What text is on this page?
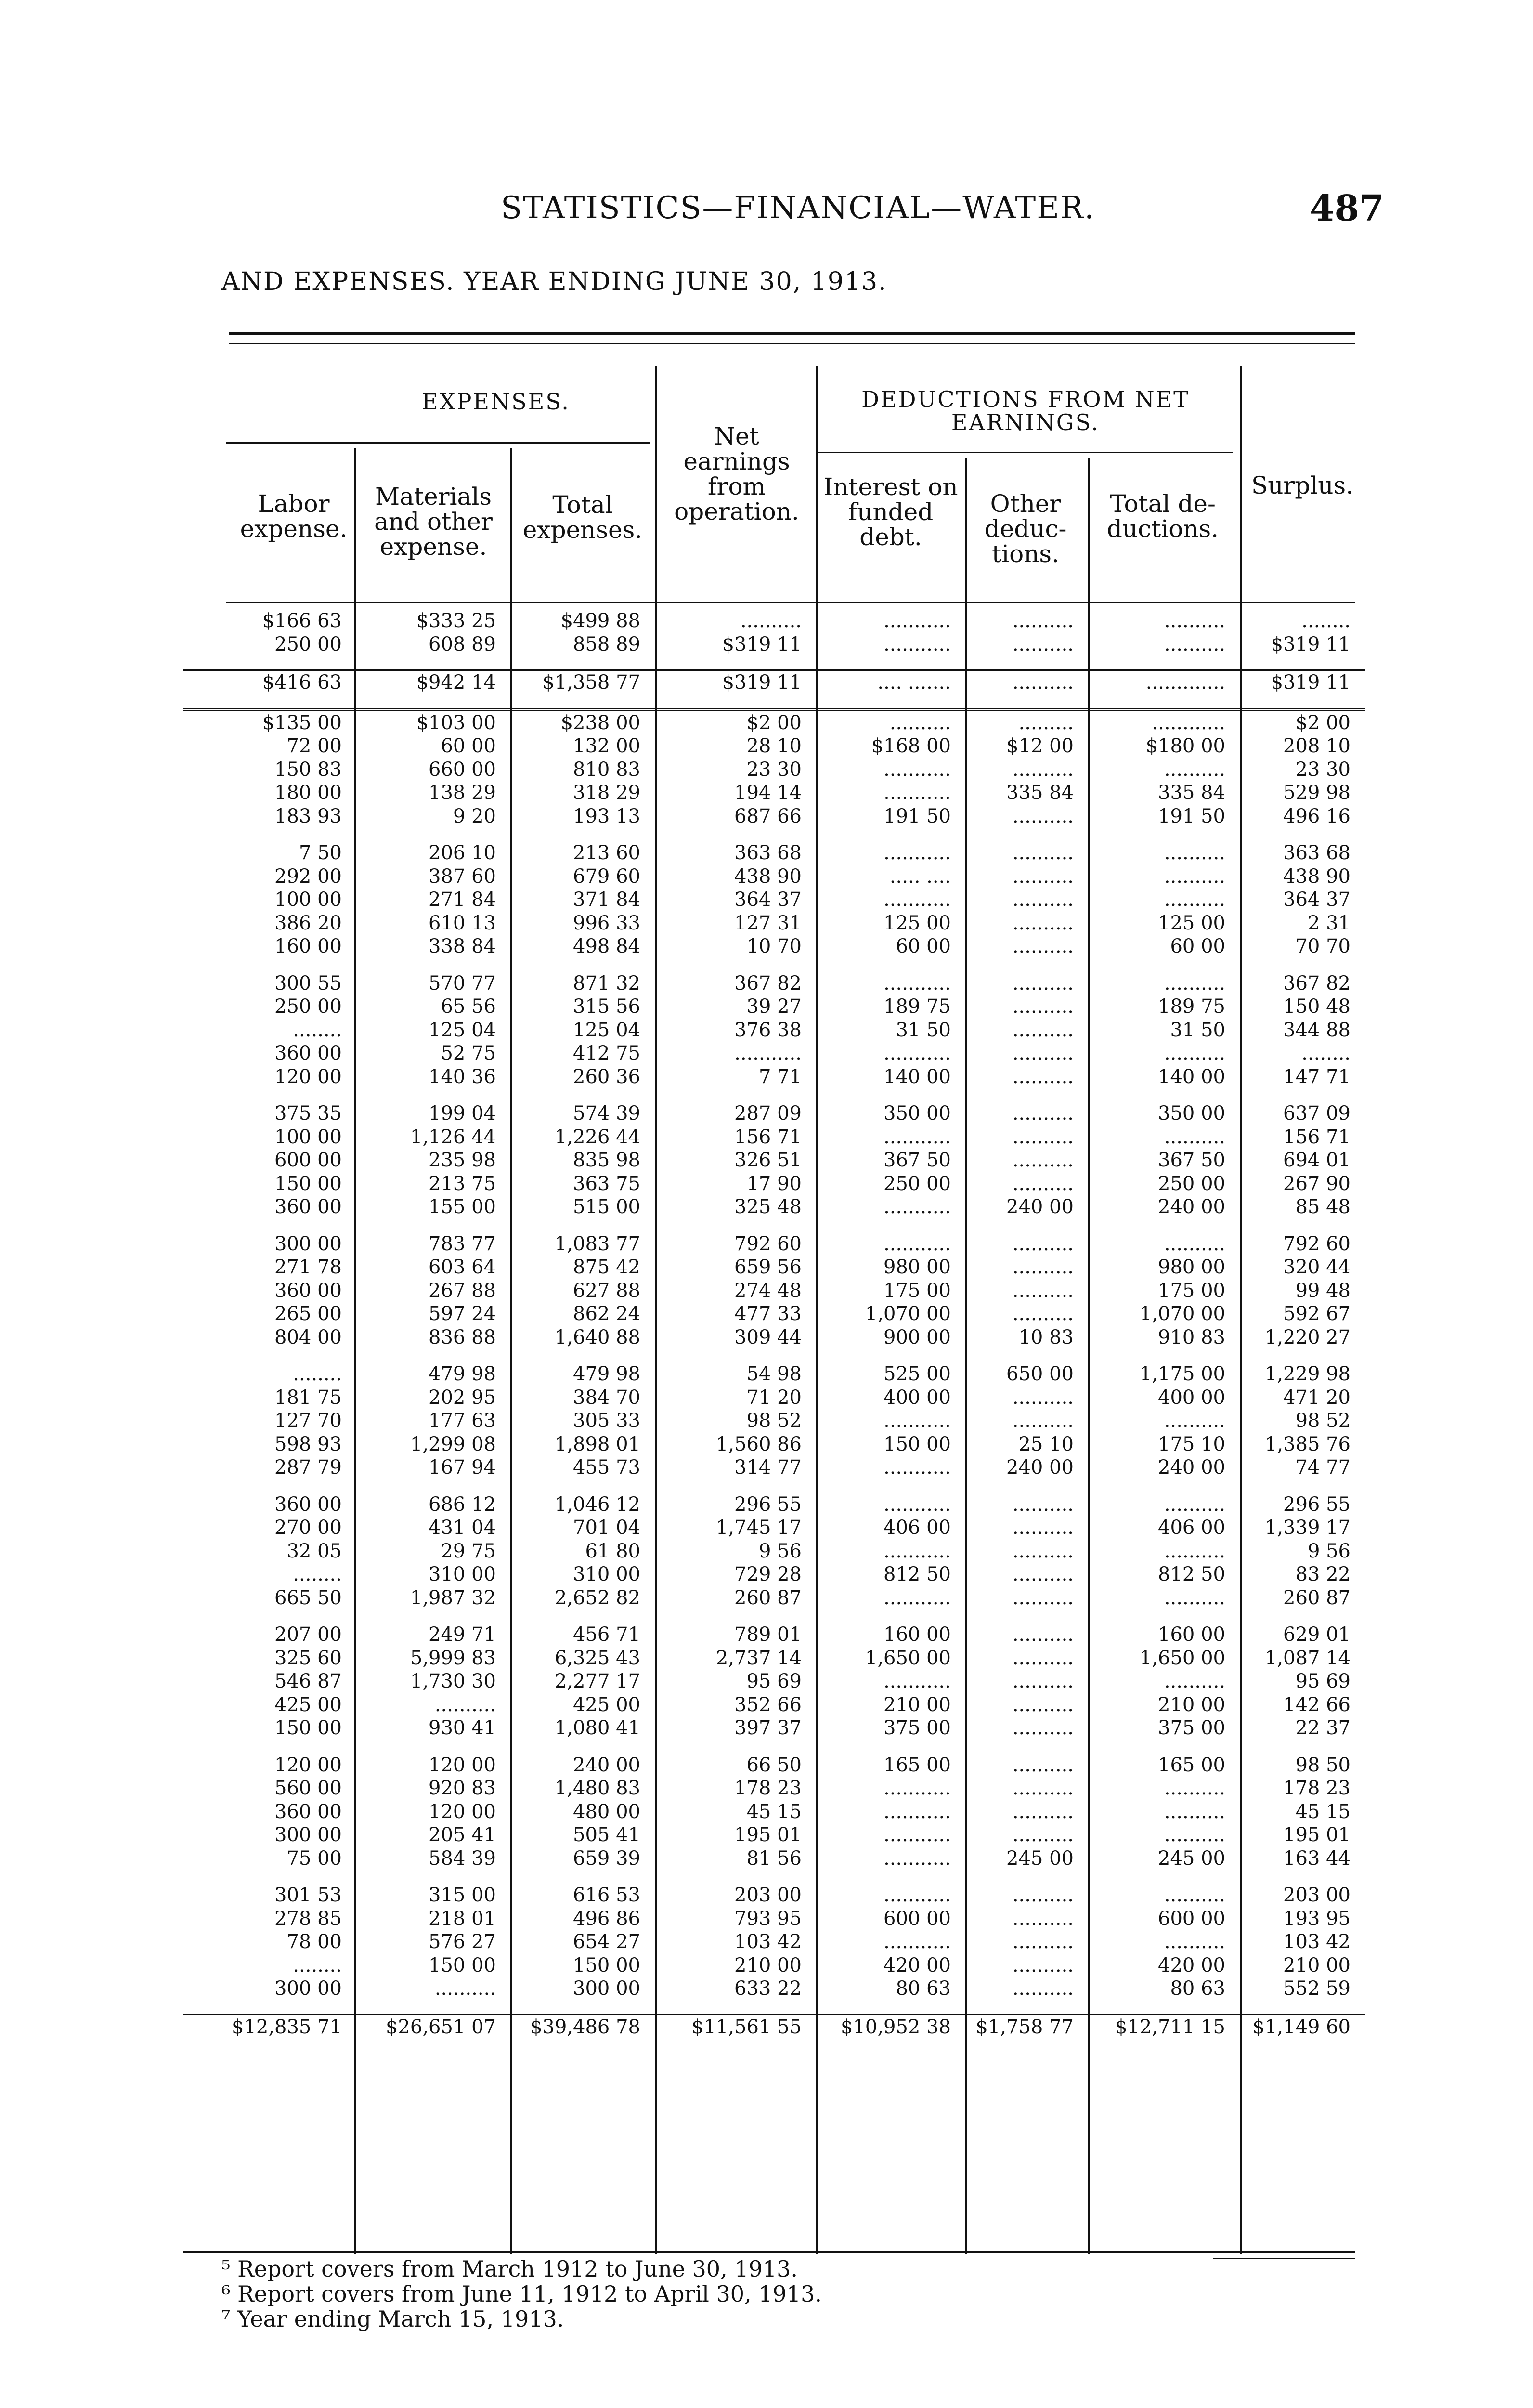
STATISTICS—FINANCIAL—WATER.	487
AND EXPENSES. YEAR ENDING JUNE 30, 1913.
EXPENSES.	DEDUCTIONS FROM NET EARNINGS.
Labor expense.
Materials and other expense.
Total expenses.
Net earnings from operation.
Interest on funded debt.
Other deduc-tions.
Total de-ductions.
Surplus.
$166 63	$333 25	$499 88	..........	...........	..........	..........	........
250 00	608 89	858 89	$319 11	...........	..........	..........	$319 11

$416 63	$942 14	$1,358 77	$319 11	.... .......	..........	.............	$319 11

$135 00	$103 00	$238 00	$2 00	..........	.........	............	$2 00
72 00	60 00	132 00	28 10	$168 00	$12 00	$180 00	208 10
150 83	660 00	810 83	23 30	...........	..........	..........	23 30
180 00	138 29	318 29	194 14	...........	335 84	335 84	529 98
183 93	9 20	193 13	687 66	191 50	..........	191 50	496 16

7 50	206 10	213 60	363 68	...........	..........	..........	363 68
292 00	387 60	679 60	438 90	..... ....	..........	..........	438 90
100 00	271 84	371 84	364 37	...........	..........	..........	364 37
386 20	610 13	996 33	127 31	125 00	..........	125 00	2 31
160 00	338 84	498 84	10 70	60 00	..........	60 00	70 70

300 55	570 77	871 32	367 82	...........	..........	..........	367 82
250 00	65 56	315 56	39 27	189 75	..........	189 75	150 48
........	125 04	125 04	376 38	31 50	..........	31 50	344 88
360 00	52 75	412 75	...........	...........	..........	..........	........
120 00	140 36	260 36	7 71	140 00	..........	140 00	147 71

375 35	199 04	574 39	287 09	350 00	..........	350 00	637 09
100 00	1,126 44	1,226 44	156 71	...........	..........	..........	156 71
600 00	235 98	835 98	326 51	367 50	..........	367 50	694 01
150 00	213 75	363 75	17 90	250 00	..........	250 00	267 90
360 00	155 00	515 00	325 48	...........	240 00	240 00	85 48

300 00	783 77	1,083 77	792 60	...........	..........	..........	792 60
271 78	603 64	875 42	659 56	980 00	..........	980 00	320 44
360 00	267 88	627 88	274 48	175 00	..........	175 00	99 48
265 00	597 24	862 24	477 33	1,070 00	..........	1,070 00	592 67
804 00	836 88	1,640 88	309 44	900 00	10 83	910 83	1,220 27

........	479 98	479 98	54 98	525 00	650 00	1,175 00	1,229 98
181 75	202 95	384 70	71 20	400 00	..........	400 00	471 20
127 70	177 63	305 33	98 52	...........	..........	..........	98 52
598 93	1,299 08	1,898 01	1,560 86	150 00	25 10	175 10	1,385 76
287 79	167 94	455 73	314 77	...........	240 00	240 00	74 77

360 00	686 12	1,046 12	296 55	...........	..........	..........	296 55
270 00	431 04	701 04	1,745 17	406 00	..........	406 00	1,339 17
32 05	29 75	61 80	9 56	...........	..........	..........	9 56
........	310 00	310 00	729 28	812 50	..........	812 50	83 22
665 50	1,987 32	2,652 82	260 87	...........	..........	..........	260 87

207 00	249 71	456 71	789 01	160 00	..........	160 00	629 01
325 60	5,999 83	6,325 43	2,737 14	1,650 00	..........	1,650 00	1,087 14
546 87	1,730 30	2,277 17	95 69	...........	..........	..........	95 69
425 00	..........	425 00	352 66	210 00	..........	210 00	142 66
150 00	930 41	1,080 41	397 37	375 00	..........	375 00	22 37

120 00	120 00	240 00	66 50	165 00	..........	165 00	98 50
560 00	920 83	1,480 83	178 23	...........	..........	..........	178 23
360 00	120 00	480 00	45 15	...........	..........	..........	45 15
300 00	205 41	505 41	195 01	...........	..........	..........	195 01
75 00	584 39	659 39	81 56	...........	245 00	245 00	163 44

301 53	315 00	616 53	203 00	...........	..........	..........	203 00
278 85	218 01	496 86	793 95	600 00	..........	600 00	193 95
78 00	576 27	654 27	103 42	...........	..........	..........	103 42
........	150 00	150 00	210 00	420 00	..........	420 00	210 00
300 00	..........	300 00	633 22	80 63	..........	80 63	552 59

$12,835 71	$26,651 07	$39,486 78	$11,561 55	$10,952 38	$1,758 77	$12,711 15	$1,149 60
⁵ Report covers from March 1912 to June 30, 1913.
⁶ Report covers from June 11, 1912 to April 30, 1913.
⁷ Year ending March 15, 1913.
